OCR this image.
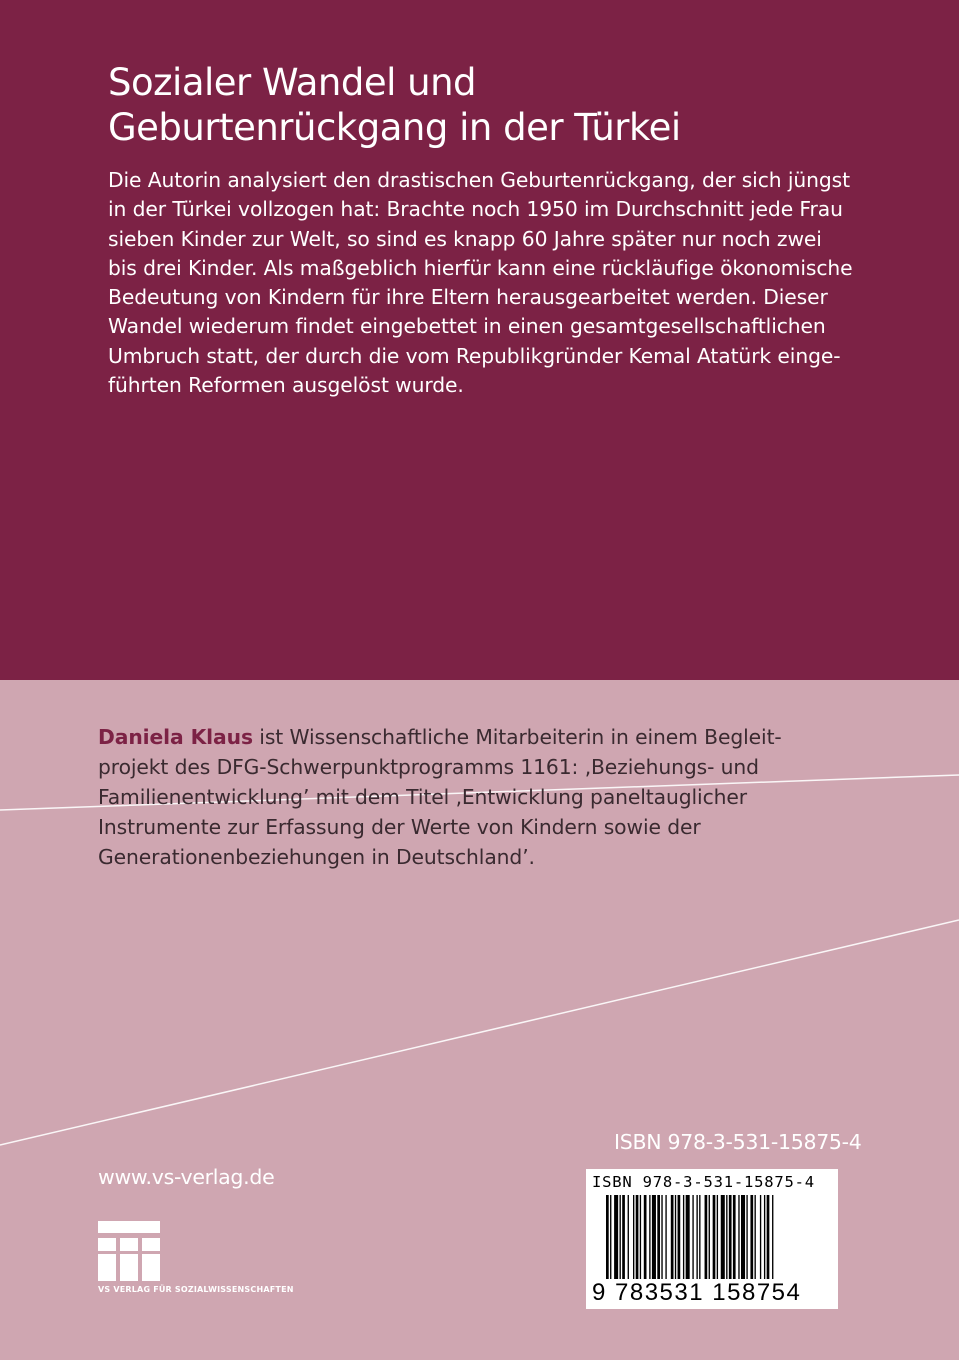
Sozialer Wandel und
Geburtenrückgang in der Türkei
Die Autorin analysiert den drastischen Geburtenrückgang, der sich jüngst
in der Türkei vollzogen hat: Brachte noch 1950 im Durchschnitt jede Frau
sieben Kinder zur Welt, so sind es knapp 60 Jahre später nur noch zwei
bis drei Kinder. Als maßgeblich hierfür kann eine rückläufige ökonomische
Bedeutung von Kindern für ihre Eltern herausgearbeitet werden. Dieser
Wandel wiederum findet eingebettet in einen gesamtgesellschaftlichen
Umbruch statt, der durch die vom Republikgründer Kemal Atatürk einge-
führten Reformen ausgelöst wurde.
Daniela Klaus ist Wissenschaftliche Mitarbeiterin in einem Begleit-
projekt des DFG-Schwerpunktprogramms 1161: ‚Beziehungs- und
Familienentwicklung’ mit dem Titel ‚Entwicklung paneltauglicher
Instrumente zur Erfassung der Werte von Kindern sowie der
Generationenbeziehungen in Deutschland’.
ISBN 978-3-531-15875-4
www.vs-verlag.de
VS VERLAG FÜR SOZIALWISSENSCHAFTEN
ISBN 978-3-531-15875-4
9 783531 158754
